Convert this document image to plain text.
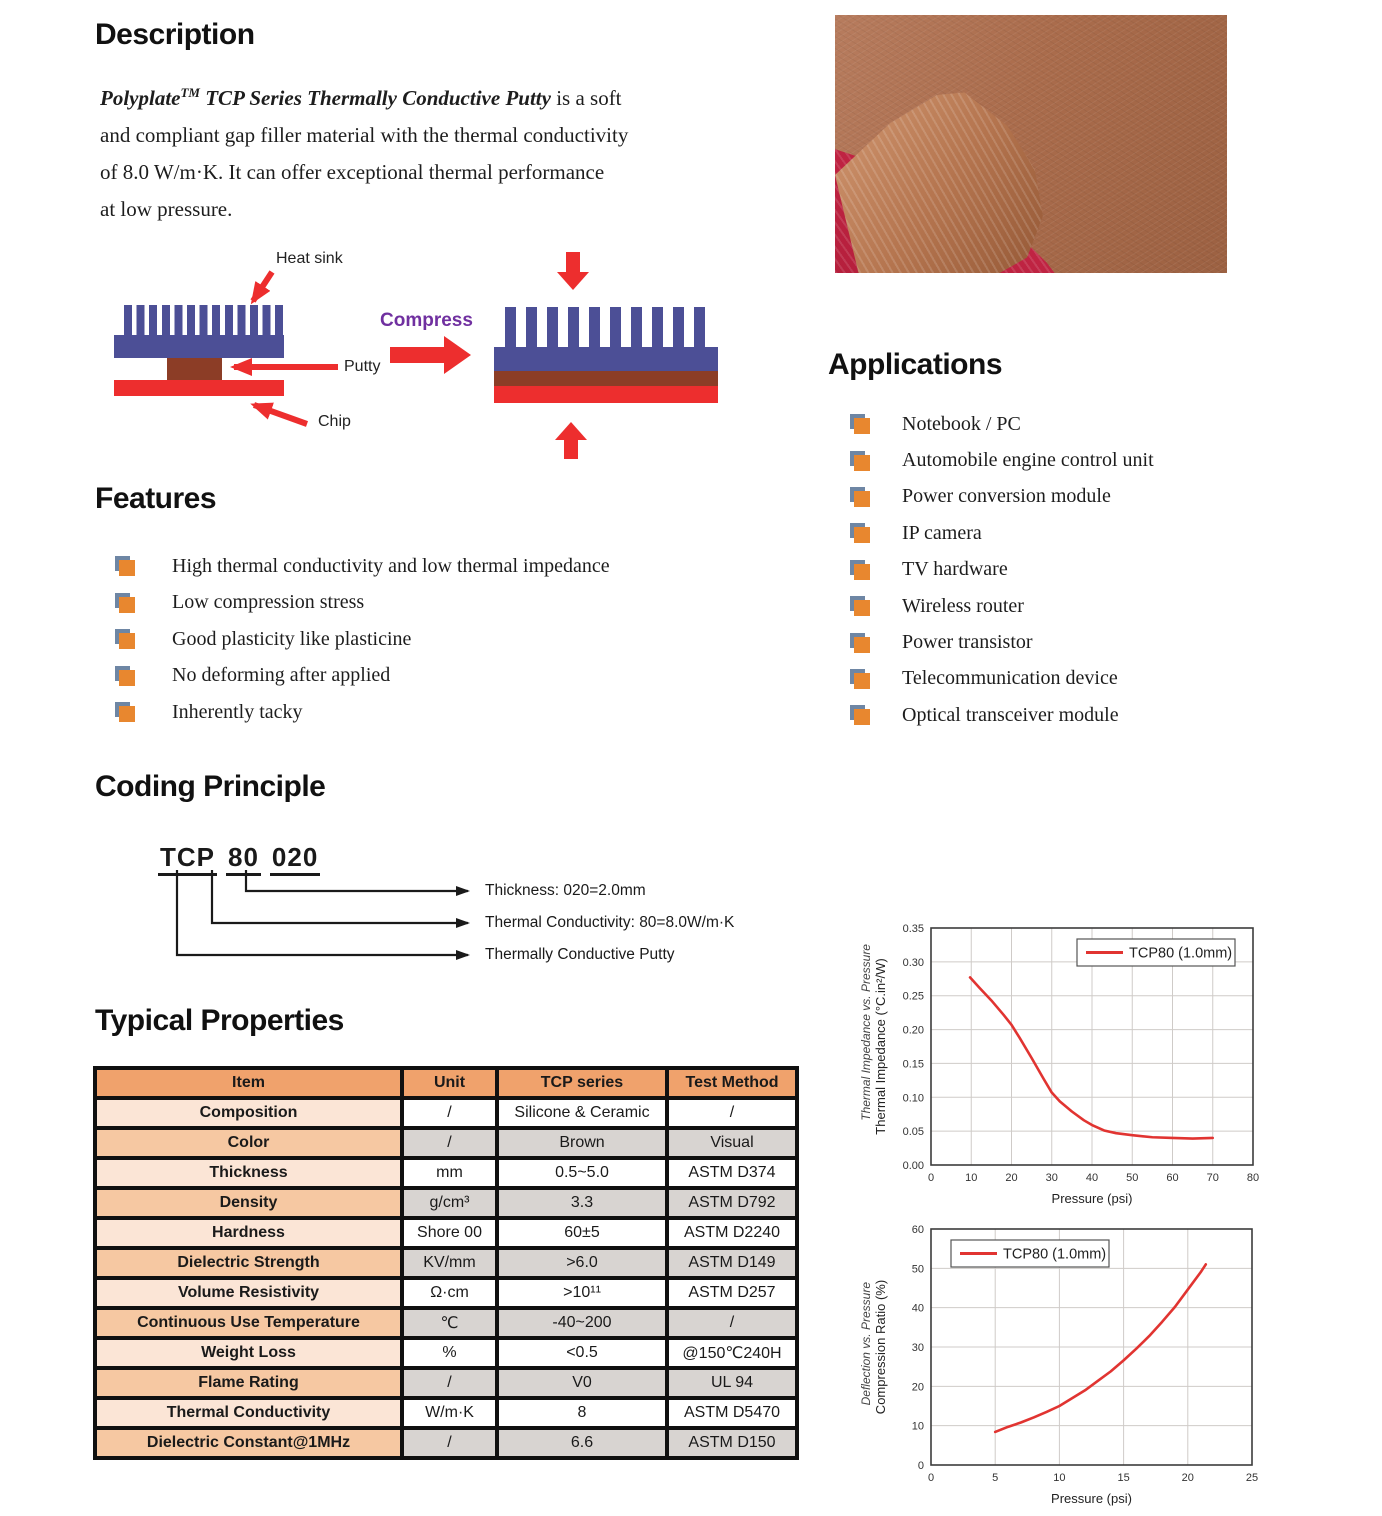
Description
Polyplate™ TCP Series Thermally Conductive Putty is a soft
and compliant gap filler material with the thermal conductivity
of 8.0 W/m·K. It can offer exceptional thermal performance
at low pressure.
Heat sink
Compress
Putty
Chip
Features
High thermal conductivity and low thermal impedance
Low compression stress
Good plasticity like plasticine
No deforming after applied
Inherently tacky
Applications
Notebook / PC
Automobile engine control unit
Power conversion module
IP camera
TV hardware
Wireless router
Power transistor
Telecommunication device
Optical transceiver module
Coding Principle
TCP 80 020
Thickness: 020=2.0mm
Thermal Conductivity: 80=8.0W/m·K
Thermally Conductive Putty
Typical Properties
Item	Unit	TCP series	Test Method
Composition	/	Silicone & Ceramic	/
Color	/	Brown	Visual
Thickness	mm	0.5~5.0	ASTM D374
Density	g/cm³	3.3	ASTM D792
Hardness	Shore 00	60±5	ASTM D2240
Dielectric Strength	KV/mm	>6.0	ASTM D149
Volume Resistivity	Ω·cm	>10¹¹	ASTM D257
Continuous Use Temperature	℃	-40~200	/
Weight Loss	%	<0.5	@150℃240H
Flame Rating	/	V0	UL 94
Thermal Conductivity	W/m·K	8	ASTM D5470
Dielectric Constant@1MHz	/	6.6	ASTM D150
Thermal Impedance vs. Pressure
0	10	20	30	40	50	60	70	80
0.00
0.05
0.10
0.15
0.20
0.25
0.30
0.35
Pressure (psi)
Thermal Impedance (°C.in²/W)
TCP80 (1.0mm)
Deflection vs. Pressure
0	5	10	15	20	25
0
10
20
30
40
50
60
Pressure (psi)
Compression Ratio (%)
TCP80 (1.0mm)
